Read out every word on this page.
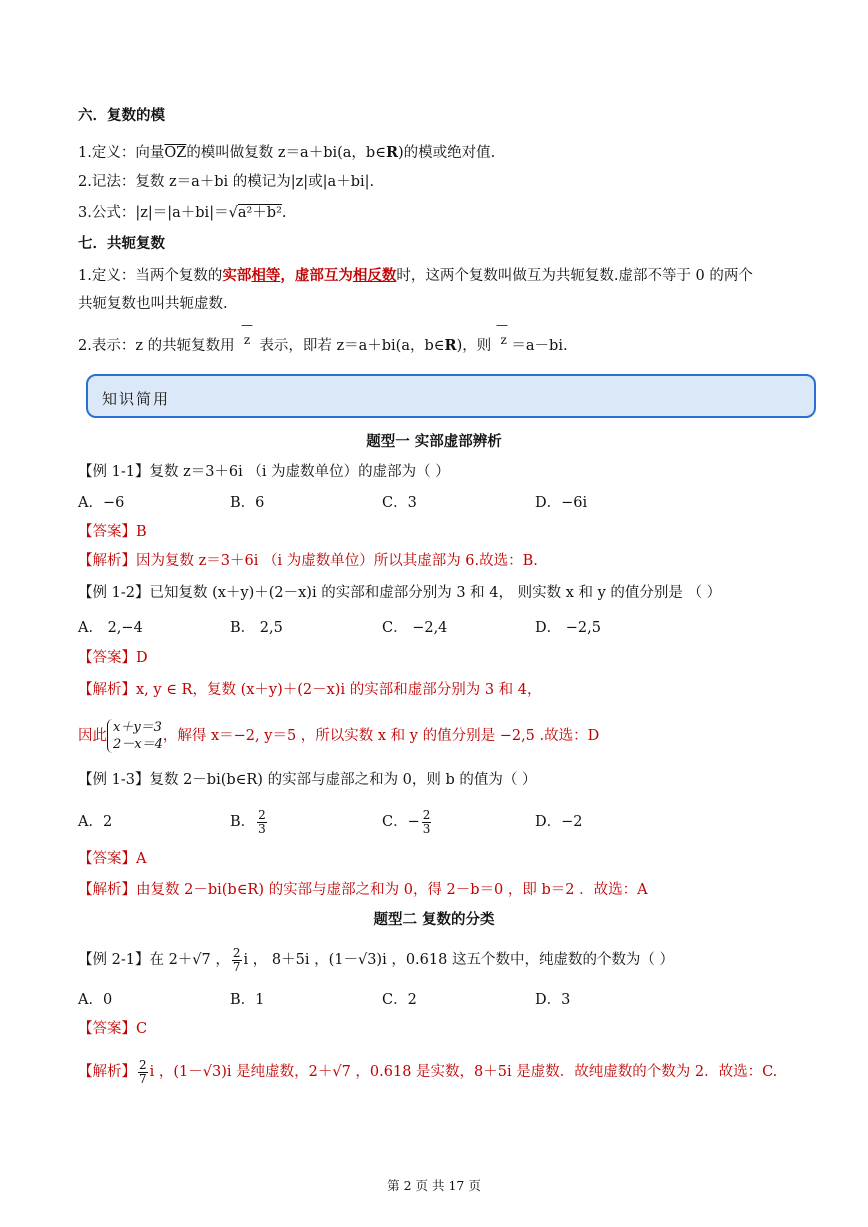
六．复数的模
1.定义：向量$\overline{OZ}$的模叫做复数 z＝a＋bi(a，b∈R)的模或绝对值.
2.记法：复数 z＝a＋bi 的模记为|z|或|a＋bi|.
3.公式：|z|＝|a＋bi|＝√a²＋b².
七．共轭复数
1.定义：当两个复数的实部相等，虚部互为相反数时，这两个复数叫做互为共轭复数.虚部不等于 0 的两个
共轭复数也叫共轭虚数.
—	—
2.表示：z 的共轭复数用 $^z$ 表示，即若 z＝a＋bi(a，b∈R)，则 $^z$ ＝a－bi.
知识简用
题型一 实部虚部辨析
【例 1-1】复数 z＝3＋6i （i 为虚数单位）的虚部为（ ）
A．−6	B．6	C．3	D．−6i
【答案】B
【解析】因为复数 z＝3＋6i （i 为虚数单位）所以其虚部为 6.故选：B.
【例 1-2】已知复数 (x＋y)＋(2－x)i 的实部和虚部分别为 3 和 4， 则实数 x 和 y 的值分别是 （ ）
A． 2,−4	B． 2,5	C． −2,4	D． −2,5
【答案】D
【解析】x, y ∈ R，复数 (x＋y)＋(2－x)i 的实部和虚部分别为 3 和 4，
因此
x＋y＝3
2－x＝4
，解得 x＝−2, y＝5 ，所以实数 x 和 y 的值分别是 −2,5 .故选：D
【例 1-3】复数 2－bi(b∈R) 的实部与虚部之和为 0，则 b 的值为（ ）
A．2	B． $\frac{2}{3}$	C．− $\frac{2}{3}$	D．−2
【答案】A
【解析】由复数 2－bi(b∈R) 的实部与虚部之和为 0，得 2－b＝0 ，即 b＝2 ．故选：A
题型二 复数的分类
【例 2-1】在 2＋√7 ， $\frac{2}{7}$ i ， 8＋5i ，(1－√3)i ，0.618 这五个数中，纯虚数的个数为（ ）
A．0	B．1	C．2	D．3
【答案】C
【解析】 $\frac{2}{7}$ i ，(1－√3)i 是纯虚数，2＋√7 ，0.618 是实数，8＋5i 是虚数．故纯虚数的个数为 2．故选：C.
第 2 页 共 17 页
